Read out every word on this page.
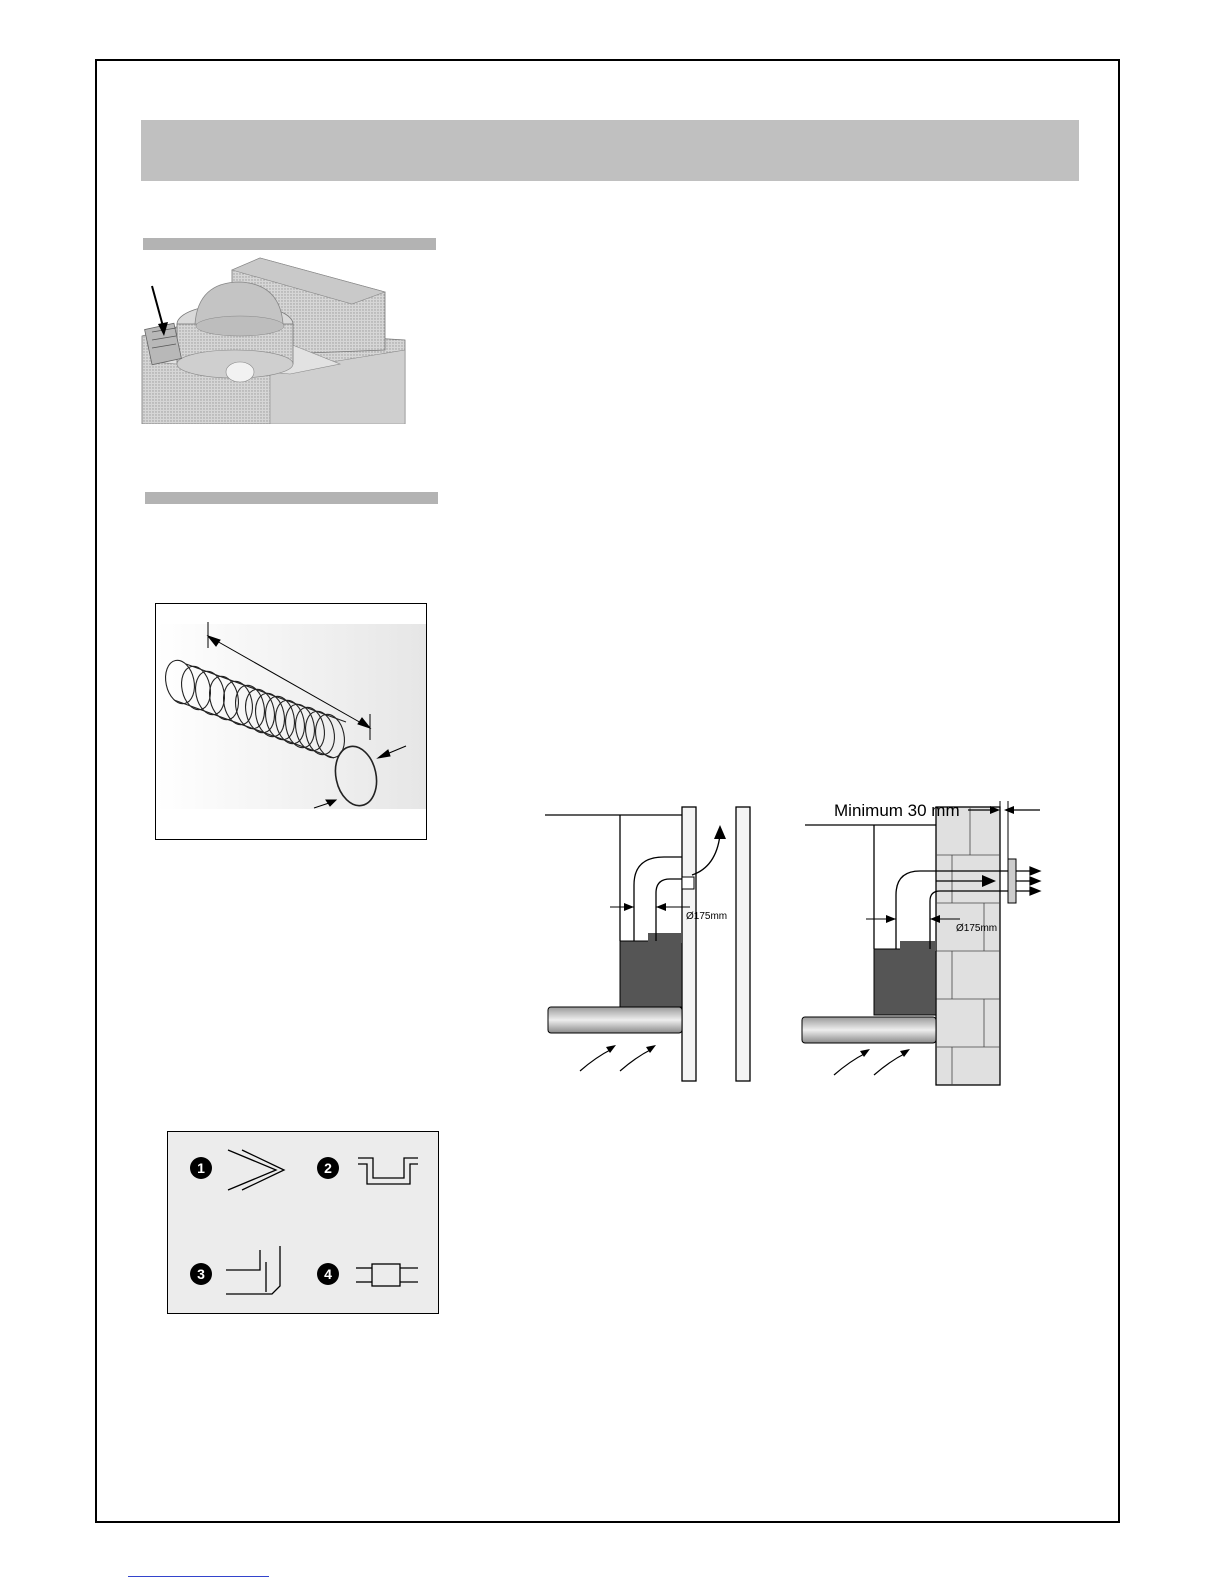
1	2
3	4
Ø175mm
Minimum 30 mm
Ø175mm
